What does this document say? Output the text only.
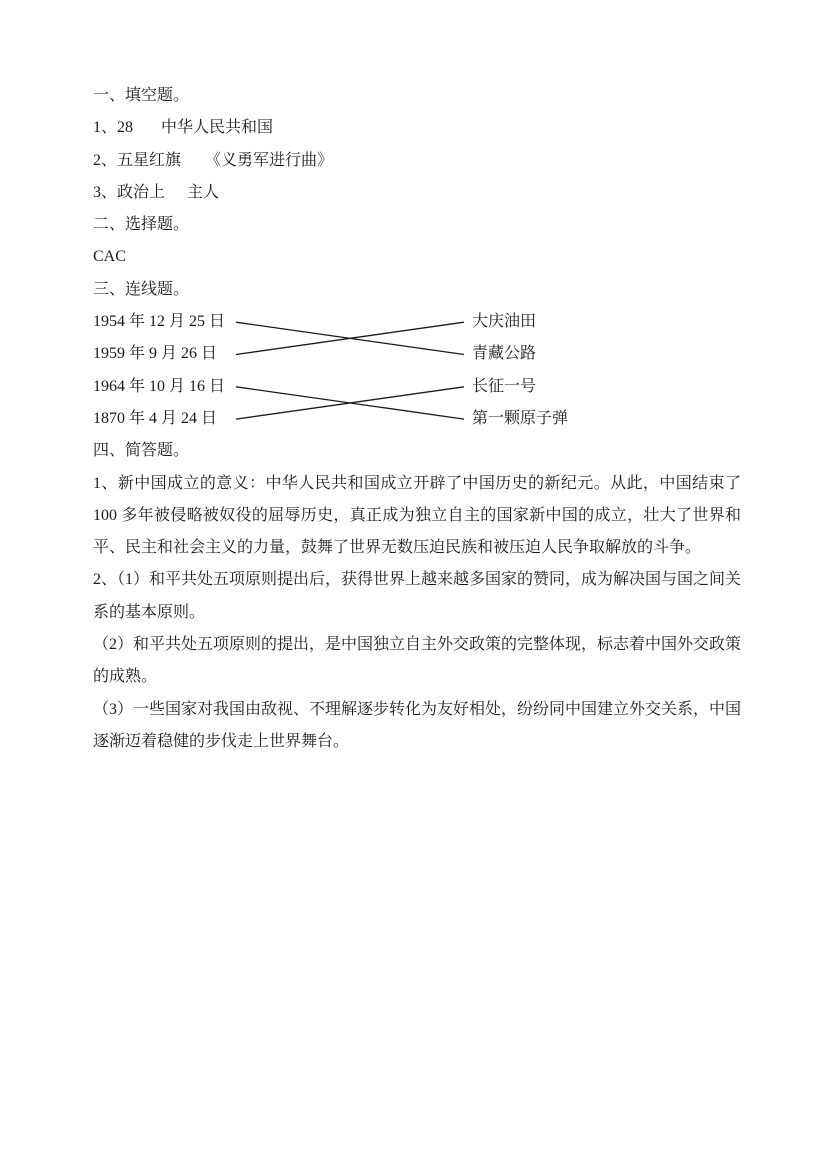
一、填空题。
1、28 中华人民共和国
2、五星红旗 《义勇军进行曲》
3、政治上 主人
二、选择题。
CAC
三、连线题。
1954 年 12 月 25 日	大庆油田
1959 年 9 月 26 日	青藏公路
1964 年 10 月 16 日	长征一号
1870 年 4 月 24 日	第一颗原子弹
四、简答题。

1、新中国成立的意义：中华人民共和国成立开辟了中国历史的新纪元。从此，中国结束了 100 多年被侵略被奴役的屈辱历史，真正成为独立自主的国家新中国的成立，壮大了世界和平、民主和社会主义的力量，鼓舞了世界无数压迫民族和被压迫人民争取解放的斗争。

2、（1）和平共处五项原则提出后，获得世界上越来越多国家的赞同，成为解决国与国之间关系的基本原则。

（2）和平共处五项原则的提出，是中国独立自主外交政策的完整体现，标志着中国外交政策的成熟。

（3）一些国家对我国由敌视、不理解逐步转化为友好相处，纷纷同中国建立外交关系，中国逐渐迈着稳健的步伐走上世界舞台。
